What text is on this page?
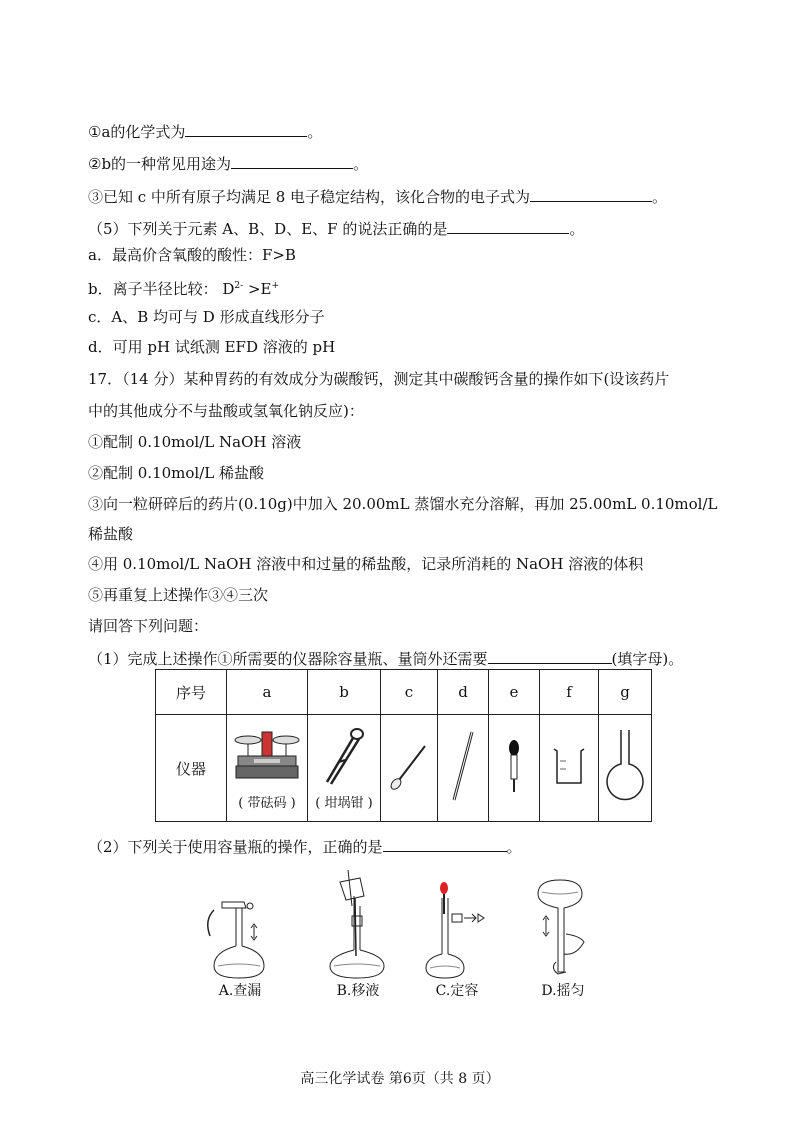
①a的化学式为	。
②b的一种常见用途为	。
③已知 c 中所有原子均满足 8 电子稳定结构，该化合物的电子式为	。
（5）下列关于元素 A、B、D、E、F 的说法正确的是	。
a．最高价含氧酸的酸性：F>B
b．离子半径比较： $D^{2-} >E^+$
c．A、B 均可与 D 形成直线形分子
d．可用 pH 试纸测 EFD 溶液的 pH
17．（14 分）某种胃药的有效成分为碳酸钙，测定其中碳酸钙含量的操作如下(设该药片
中的其他成分不与盐酸或氢氧化钠反应)：
①配制 0.10mol/L NaOH 溶液
②配制 0.10mol/L 稀盐酸
③向一粒研碎后的药片(0.10g)中加入 20.00mL 蒸馏水充分溶解，再加 25.00mL 0.10mol/L
稀盐酸
④用 0.10mol/L NaOH 溶液中和过量的稀盐酸，记录所消耗的 NaOH 溶液的体积
⑤再重复上述操作③④三次
请回答下列问题：
（1）完成上述操作①所需要的仪器除容量瓶、量筒外还需要	(填字母)。
序号	a	b	c	d	e	f	g
仪器	( 带砝码 )	( 坩埚钳 )

（2）下列关于使用容量瓶的操作，正确的是	。
A.查漏	B.移液	C.定容	D.摇匀
高三化学试卷 第6页（共 8 页）
